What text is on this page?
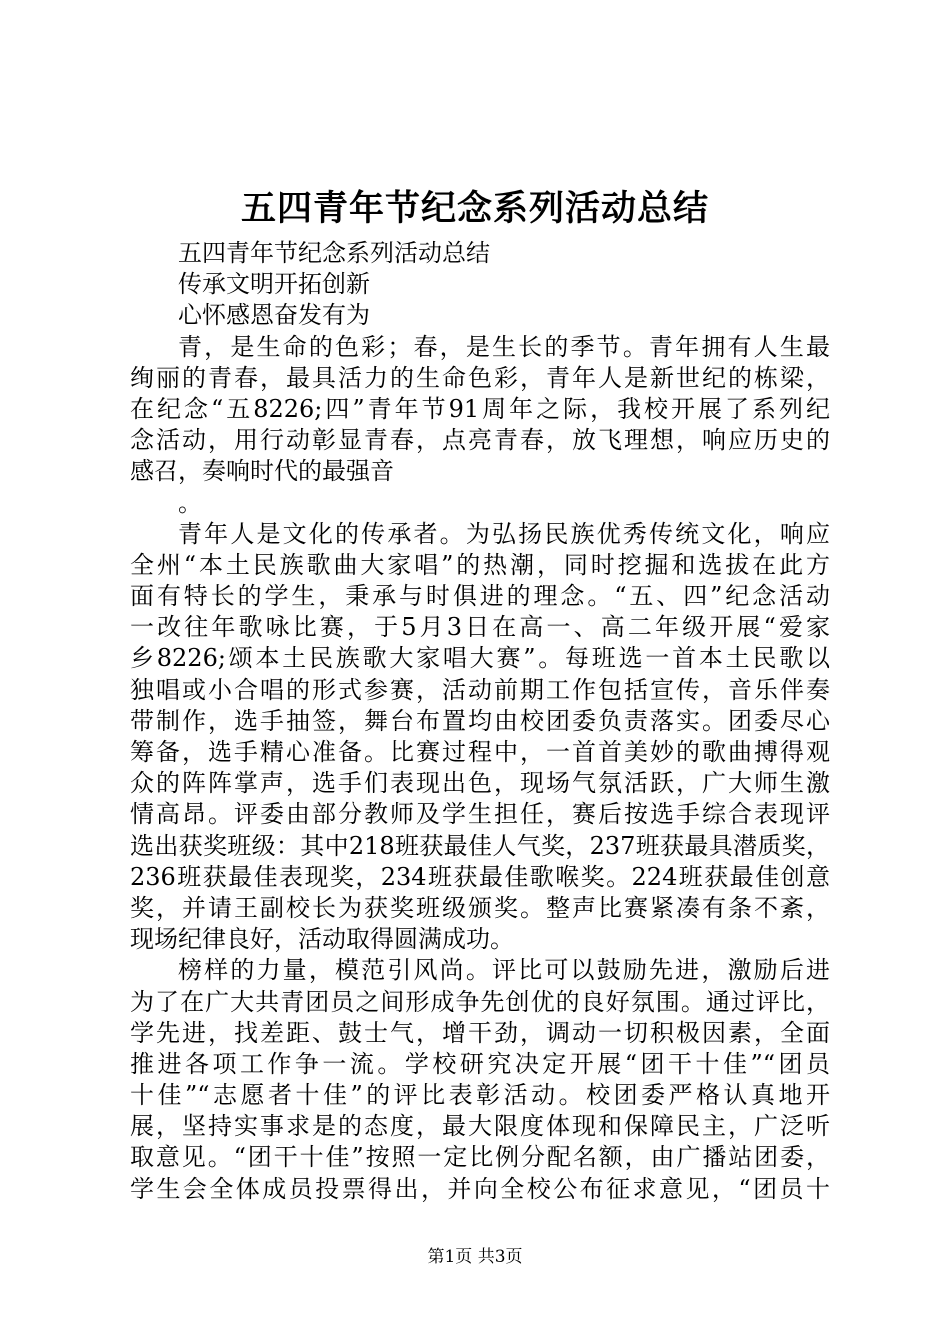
五四青年节纪念系列活动总结
五四青年节纪念系列活动总结
传承文明开拓创新
心怀感恩奋发有为
青，是生命的色彩；春，是生长的季节。青年拥有人生最
绚丽的青春，最具活力的生命色彩，青年人是新世纪的栋梁，
在纪念“五8226;四”青年节91周年之际，我校开展了系列纪
念活动，用行动彰显青春，点亮青春，放飞理想，响应历史的
感召，奏响时代的最强音
。
青年人是文化的传承者。为弘扬民族优秀传统文化，响应
全州“本土民族歌曲大家唱”的热潮，同时挖掘和选拔在此方
面有特长的学生，秉承与时俱进的理念。“五、四”纪念活动
一改往年歌咏比赛，于5月3日在高一、高二年级开展“爱家
乡8226;颂本土民族歌大家唱大赛”。每班选一首本土民歌以
独唱或小合唱的形式参赛，活动前期工作包括宣传，音乐伴奏
带制作，选手抽签，舞台布置均由校团委负责落实。团委尽心
筹备，选手精心准备。比赛过程中，一首首美妙的歌曲搏得观
众的阵阵掌声，选手们表现出色，现场气氛活跃，广大师生激
情高昂。评委由部分教师及学生担任，赛后按选手综合表现评
选出获奖班级：其中218班获最佳人气奖，237班获最具潜质奖，
236班获最佳表现奖，234班获最佳歌喉奖。224班获最佳创意
奖，并请王副校长为获奖班级颁奖。整声比赛紧凑有条不紊，
现场纪律良好，活动取得圆满成功。
榜样的力量，模范引风尚。评比可以鼓励先进，激励后进
为了在广大共青团员之间形成争先创优的良好氛围。通过评比，
学先进，找差距、鼓士气，增干劲，调动一切积极因素，全面
推进各项工作争一流。学校研究决定开展“团干十佳”“团员
十佳”“志愿者十佳”的评比表彰活动。校团委严格认真地开
展，坚持实事求是的态度，最大限度体现和保障民主，广泛听
取意见。“团干十佳”按照一定比例分配名额，由广播站团委，
学生会全体成员投票得出，并向全校公布征求意见，“团员十
第1页 共3页
